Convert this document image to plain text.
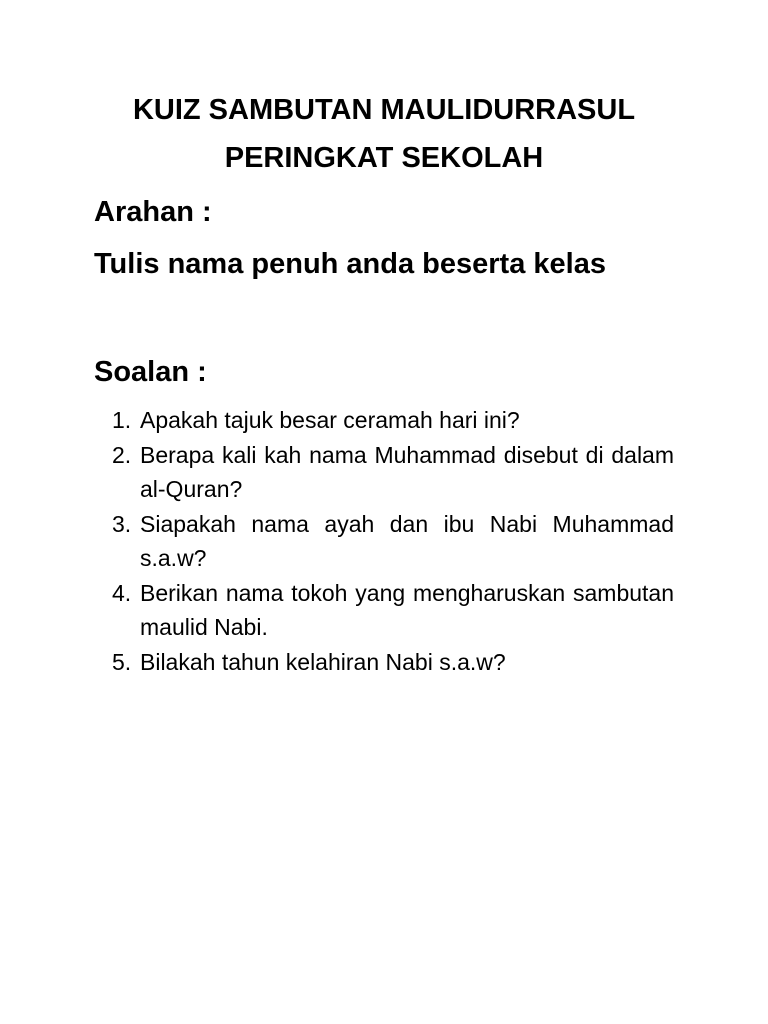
KUIZ SAMBUTAN MAULIDURRASUL
PERINGKAT SEKOLAH
Arahan :
Tulis nama penuh anda beserta kelas
Soalan :
1. Apakah tajuk besar ceramah hari ini?
2. Berapa kali kah nama Muhammad disebut di dalam al-Quran?
3. Siapakah nama ayah dan ibu Nabi Muhammad s.a.w?
4. Berikan nama tokoh yang mengharuskan sambutan maulid Nabi.
5. Bilakah tahun kelahiran Nabi s.a.w?
